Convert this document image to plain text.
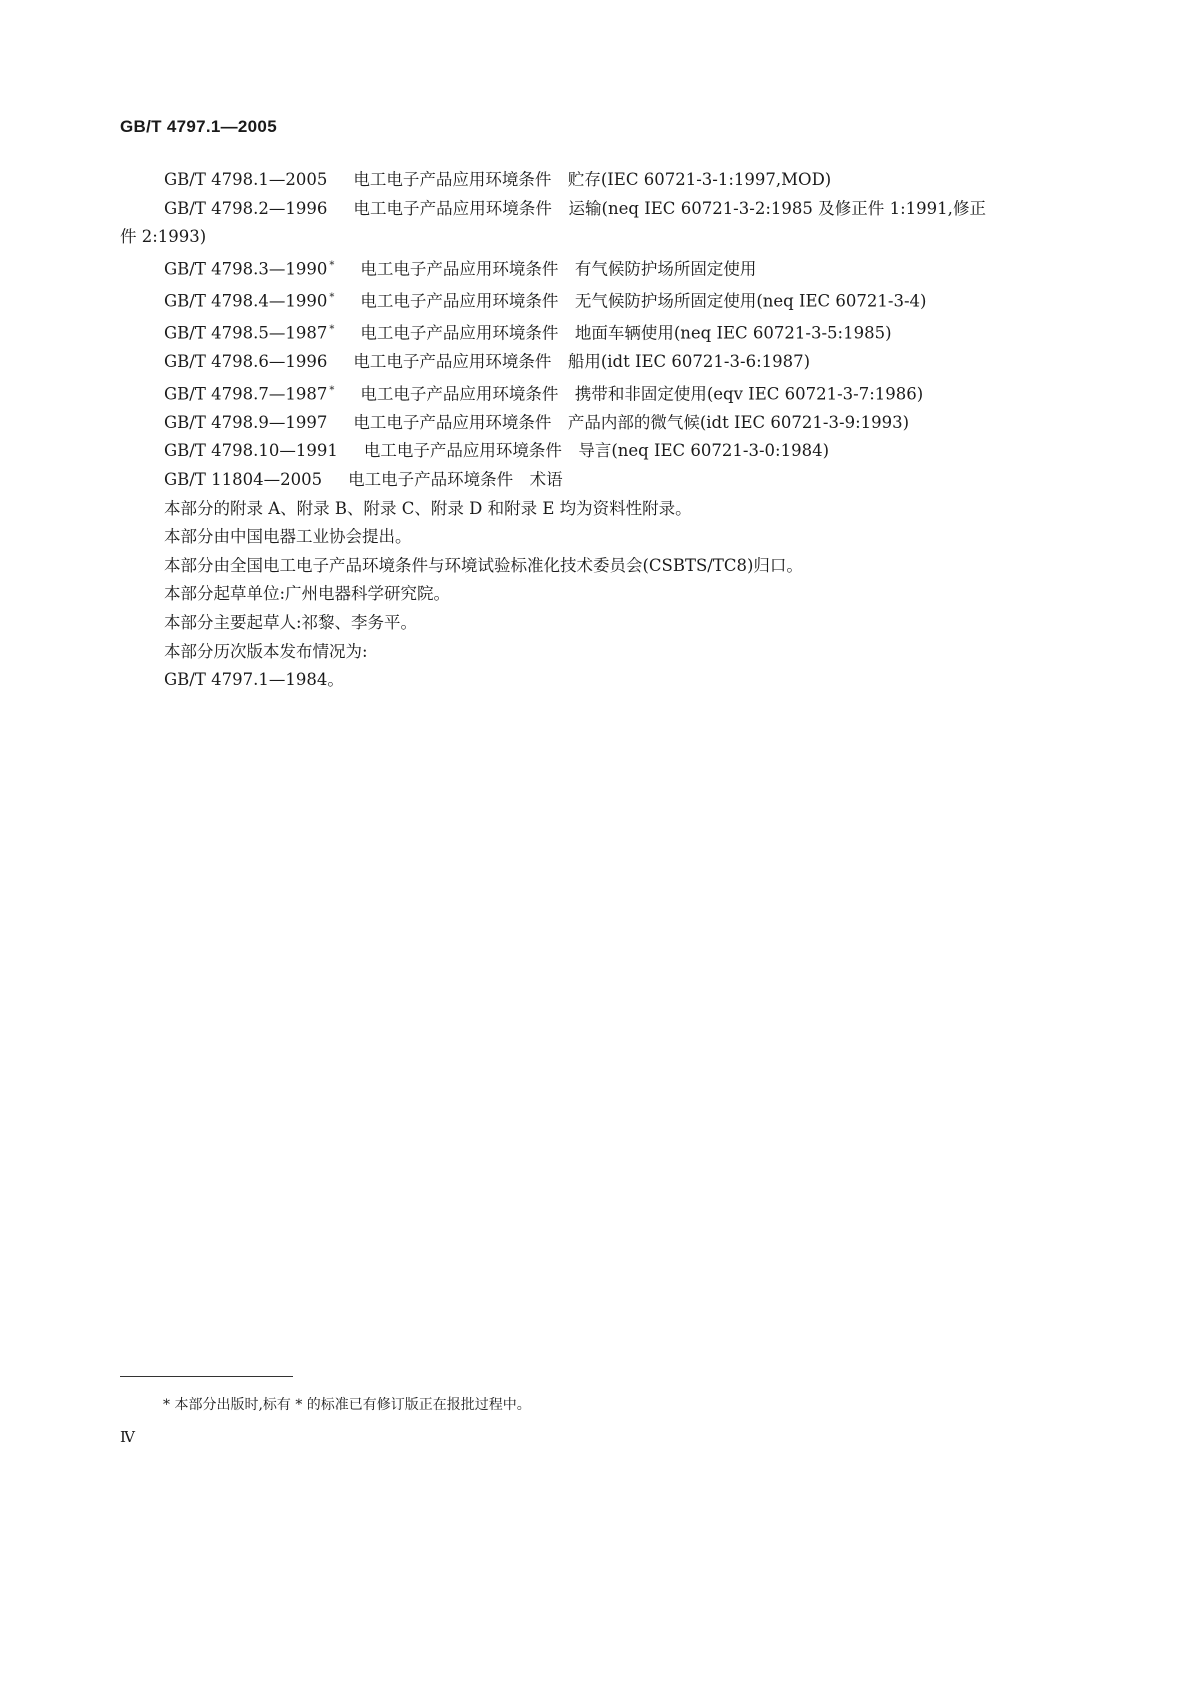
GB/T 4797.1—2005

GB/T 4798.1—2005 电工电子产品应用环境条件　贮存(IEC 60721-3-1:1997,MOD)

GB/T 4798.2—1996 电工电子产品应用环境条件　运输(neq IEC 60721-3-2:1985 及修正件 1:1991,修正件 2:1993)

GB/T 4798.3—1990 * 电工电子产品应用环境条件　有气候防护场所固定使用

GB/T 4798.4—1990 * 电工电子产品应用环境条件　无气候防护场所固定使用(neq IEC 60721-3-4)

GB/T 4798.5—1987 * 电工电子产品应用环境条件　地面车辆使用(neq IEC 60721-3-5:1985)

GB/T 4798.6—1996 电工电子产品应用环境条件　船用(idt IEC 60721-3-6:1987)

GB/T 4798.7—1987 * 电工电子产品应用环境条件　携带和非固定使用(eqv IEC 60721-3-7:1986)

GB/T 4798.9—1997 电工电子产品应用环境条件　产品内部的微气候(idt IEC 60721-3-9:1993)

GB/T 4798.10—1991 电工电子产品应用环境条件　导言(neq IEC 60721-3-0:1984)

GB/T 11804—2005 电工电子产品环境条件　术语

本部分的附录 A、附录 B、附录 C、附录 D 和附录 E 均为资料性附录。

本部分由中国电器工业协会提出。

本部分由全国电工电子产品环境条件与环境试验标准化技术委员会(CSBTS/TC8)归口。

本部分起草单位:广州电器科学研究院。

本部分主要起草人:祁黎、李务平。

本部分历次版本发布情况为:

GB/T 4797.1—1984。

* 本部分出版时,标有 * 的标准已有修订版正在报批过程中。
Ⅳ
